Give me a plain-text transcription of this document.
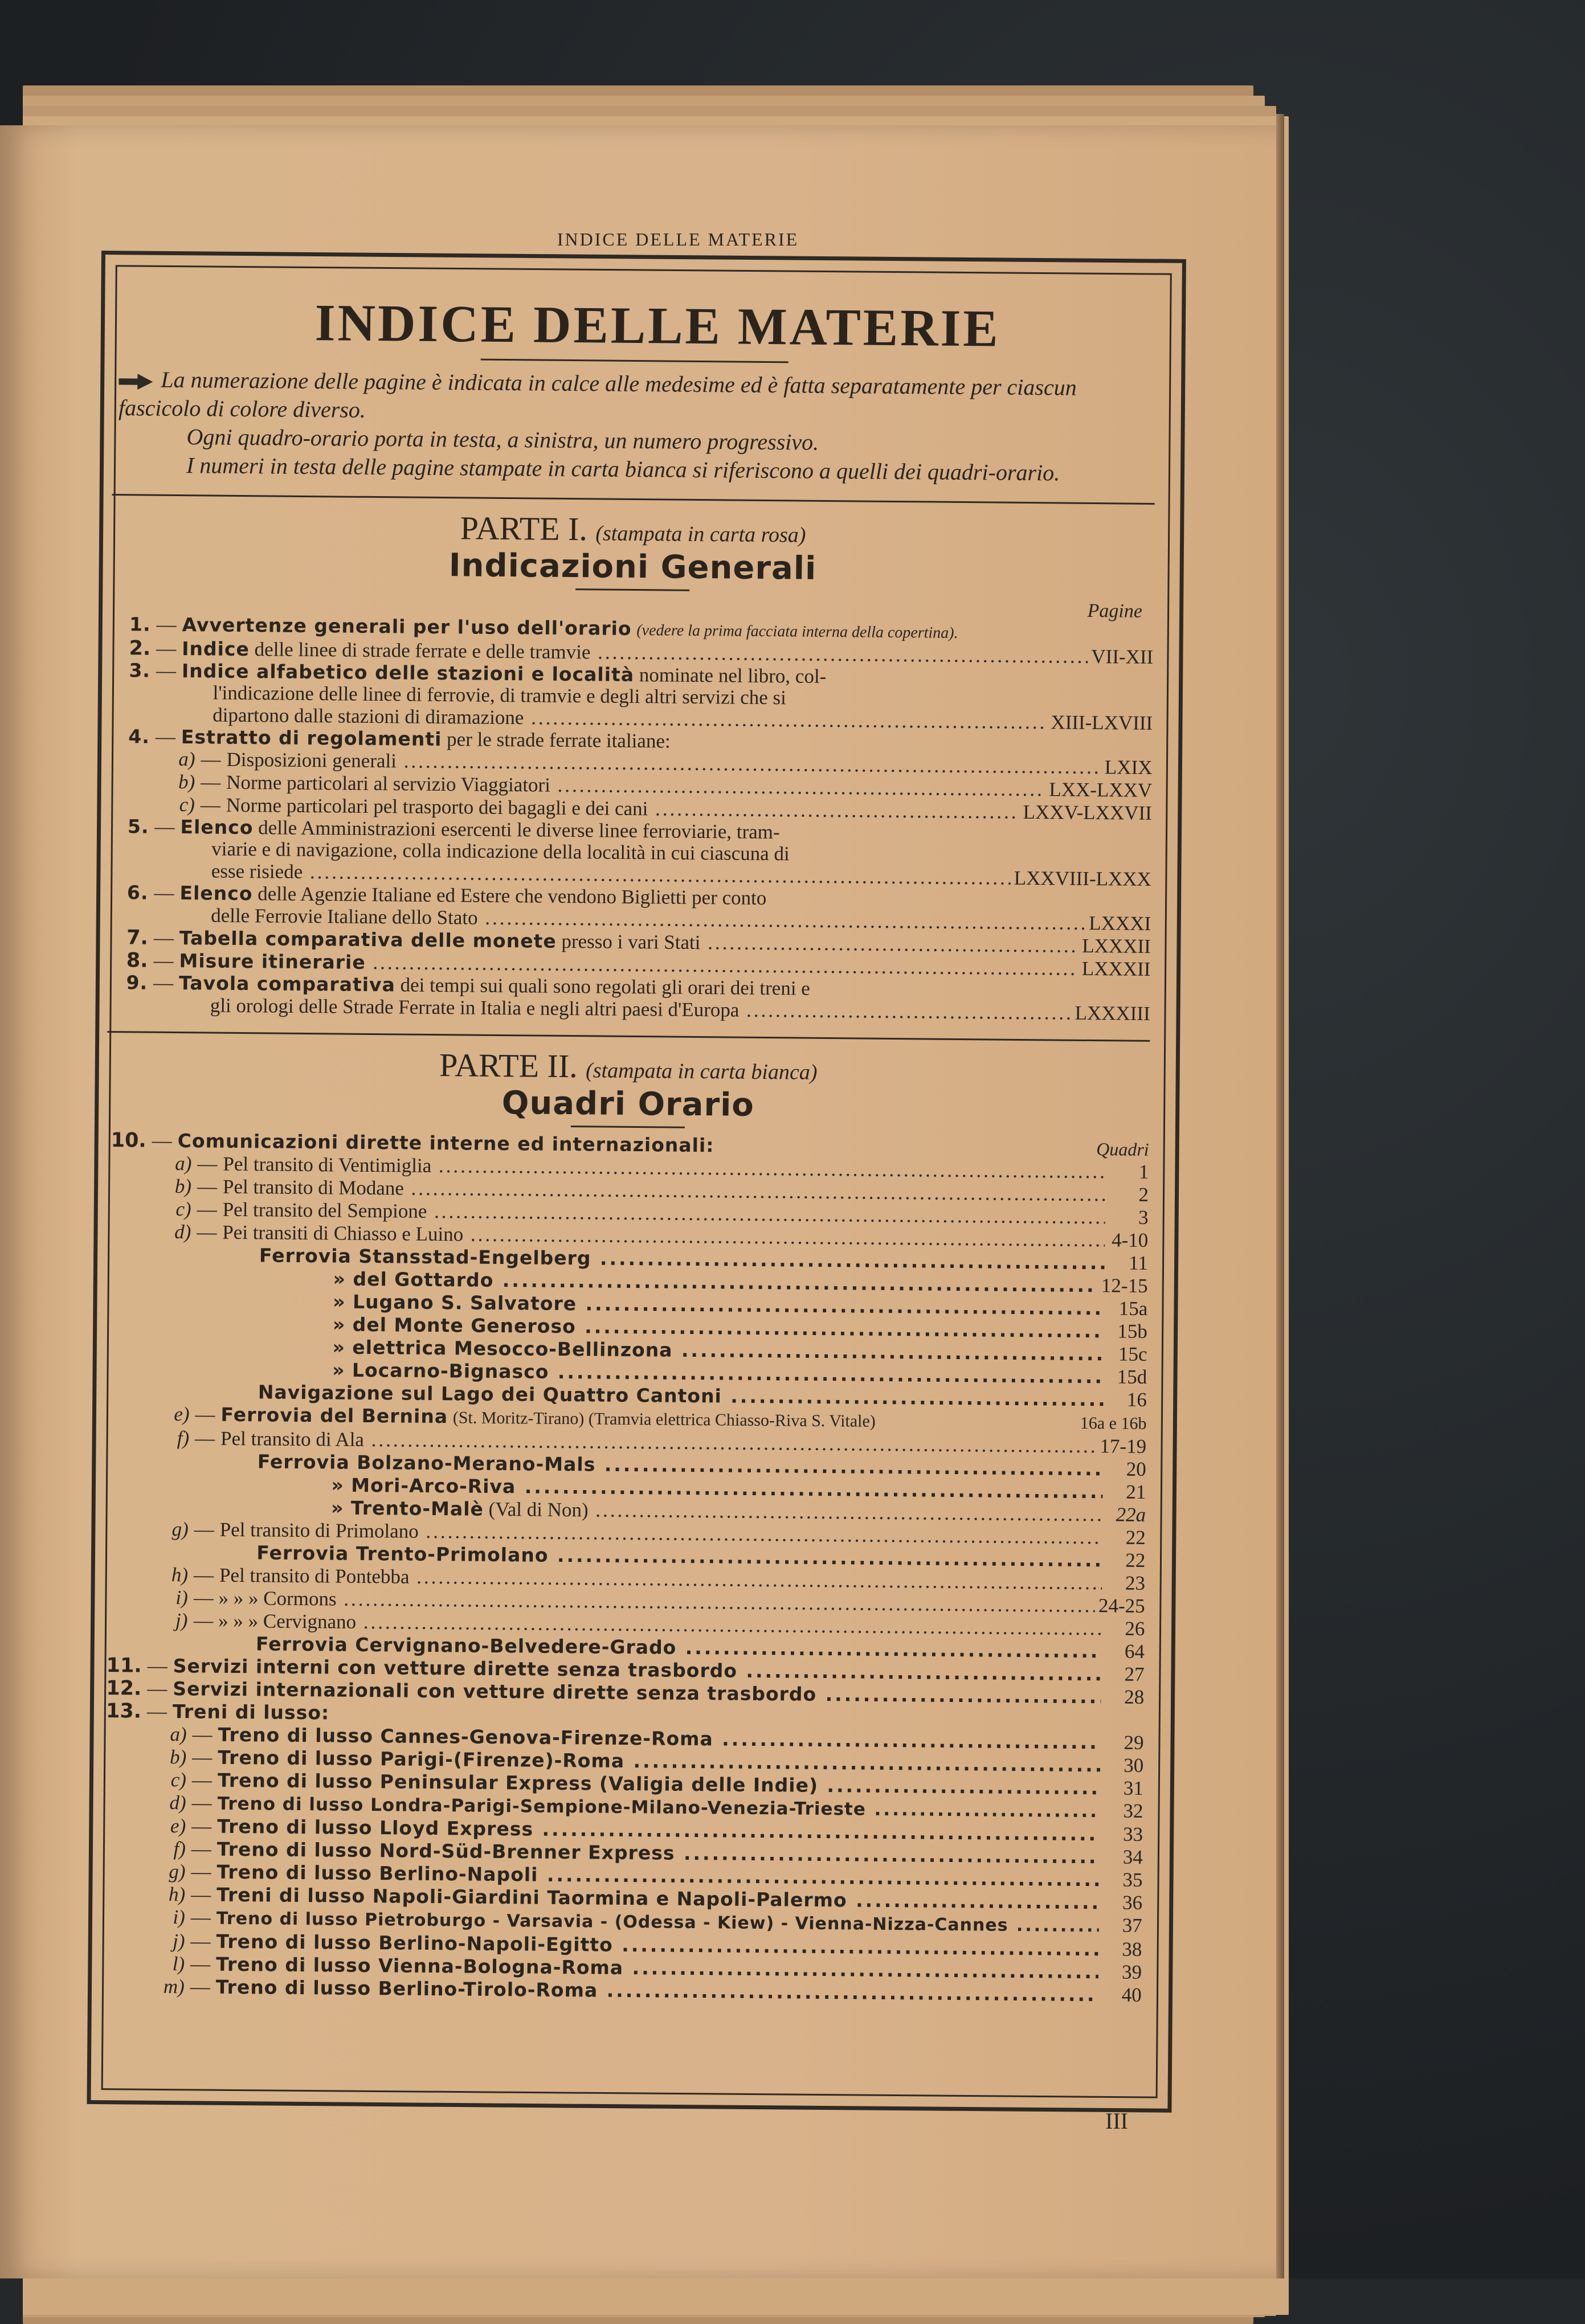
INDICE DELLE MATERIE
INDICE DELLE MATERIE

La numerazione delle pagine è indicata in calce alle medesime ed è fatta separatamente per ciascun fascicolo di colore diverso.

Ogni quadro-orario porta in testa, a sinistra, un numero progressivo.

I numeri in testa delle pagine stampate in carta bianca si riferiscono a quelli dei quadri-orario.

PARTE I. (stampata in carta rosa)
Indicazioni Generali
Pagine
1. — Avvertenze generali per l'uso dell'orario
(vedere la prima facciata interna della copertina).
2. — Indice delle linee di strade ferrate e delle tramvie .....	VII-XII
3. — Indice alfabetico delle stazioni e località
nominate nel libro, col-
l'indicazione delle linee di ferrovie, di tramvie e degli altri servizi che si
dipartono dalle stazioni di diramazione .....	XIII-LXVIII
4. — Estratto di regolamenti
per le strade ferrate italiane:
a) — Disposizioni generali .....	LXIX
b) — Norme particolari al servizio Viaggiatori .....	LXX-LXXV
c) — Norme particolari pel trasporto dei bagagli e dei cani .....	LXXV-LXXVII
5. — Elenco
delle Amministrazioni esercenti le diverse linee ferroviarie, tram-
viarie e di navigazione, colla indicazione della località in cui ciascuna di
esse risiede .....	LXXVIII-LXXX
6. — Elenco
delle Agenzie Italiane ed Estere che vendono Biglietti per conto
delle Ferrovie Italiane dello Stato .....	LXXXI
7. — Tabella comparativa delle monete presso i vari Stati .....	LXXXII
8. — Misure itinerarie .....	LXXXII
9. — Tavola comparativa
dei tempi sui quali sono regolati gli orari dei treni e
gli orologi delle Strade Ferrate in Italia e negli altri paesi d'Europa .....	LXXXIII
PARTE II. (stampata in carta bianca)
Quadri Orario
10. — Comunicazioni dirette interne ed internazionali:	Quadri
a) — Pel transito di Ventimiglia .....	1
b) — Pel transito di Modane .....	2
c) — Pel transito del Sempione .....	3
d) — Pei transiti di Chiasso e Luino .....	4-10
Ferrovia Stansstad-Engelberg .....	11
» del Gottardo .....	12-15
» Lugano S. Salvatore .....	15a
» del Monte Generoso .....	15b
» elettrica Mesocco-Bellinzona .....	15c
» Locarno-Bignasco .....	15d
Navigazione sul Lago dei Quattro Cantoni .....	16
e) — Ferrovia del Bernina (St. Moritz-Tirano) (Tramvia elettrica Chiasso-Riva S. Vitale)	16a e 16b
f) — Pel transito di Ala .....	17-19
Ferrovia Bolzano-Merano-Mals .....	20
» Mori-Arco-Riva .....	21
» Trento-Malè (Val di Non) .....	22a
g) — Pel transito di Primolano .....	22
Ferrovia Trento-Primolano .....	22
h) — Pel transito di Pontebba .....	23
i) — » » » Cormons .....	24-25
j) — » » » Cervignano .....	26
Ferrovia Cervignano-Belvedere-Grado .....	64
11. — Servizi interni con vetture dirette senza trasbordo .....	27
12. — Servizi internazionali con vetture dirette senza trasbordo .....	28
13. — Treni di lusso:
a) — Treno di lusso Cannes-Genova-Firenze-Roma .....	29
b) — Treno di lusso Parigi-(Firenze)-Roma .....	30
c) — Treno di lusso Peninsular Express (Valigia delle Indie) .....	31
d) — Treno di lusso Londra-Parigi-Sempione-Milano-Venezia-Trieste .....	32
e) — Treno di lusso Lloyd Express .....	33
f) — Treno di lusso Nord-Süd-Brenner Express .....	34
g) — Treno di lusso Berlino-Napoli .....	35
h) — Treni di lusso Napoli-Giardini Taormina e Napoli-Palermo .....	36
i) — Treno di lusso Pietroburgo - Varsavia - (Odessa - Kiew) - Vienna-Nizza-Cannes .....	37
j) — Treno di lusso Berlino-Napoli-Egitto .....	38
l) — Treno di lusso Vienna-Bologna-Roma .....	39
m) — Treno di lusso Berlino-Tirolo-Roma .....	40
III
